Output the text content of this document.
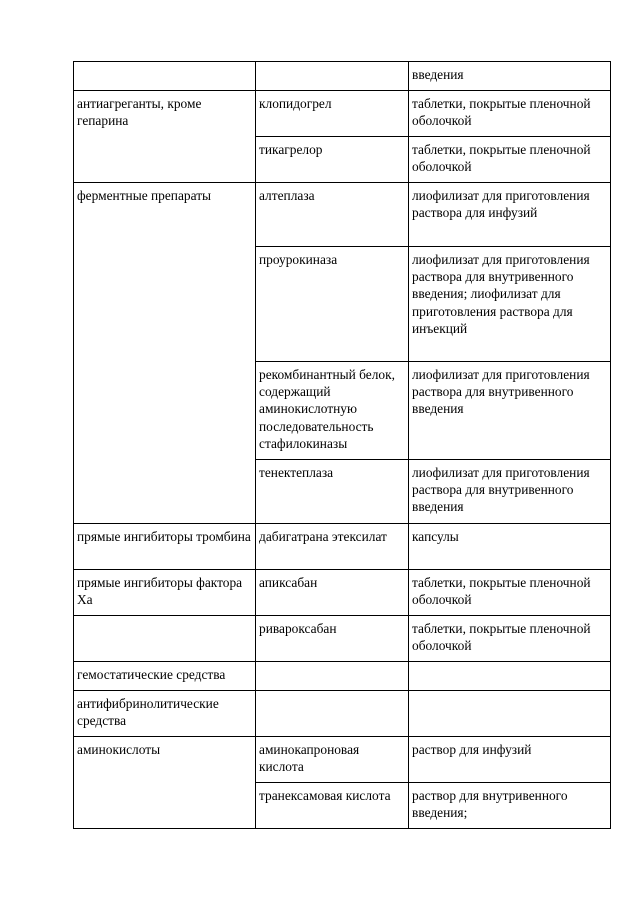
		введения
антиагреганты, кроме гепарина	клопидогрел	таблетки, покрытые пленочной оболочкой
	тикагрелор	таблетки, покрытые пленочной оболочкой
ферментные препараты	алтеплаза	лиофилизат для приготовления раствора для инфузий
	проурокиназа	лиофилизат для приготовления раствора для внутривенного введения; лиофилизат для приготовления раствора для инъекций
	рекомбинантный белок, содержащий аминокислотную последовательность стафилокиназы	лиофилизат для приготовления раствора для внутривенного введения
	тенектеплаза	лиофилизат для приготовления раствора для внутривенного введения
прямые ингибиторы тромбина	дабигатрана этексилат	капсулы
прямые ингибиторы фактора Xa	апиксабан	таблетки, покрытые пленочной оболочкой
	ривароксабан	таблетки, покрытые пленочной оболочкой
гемостатические средства		
антифибринолитические средства		
аминокислоты	аминокапроновая кислота	раствор для инфузий
	транексамовая кислота	раствор для внутривенного введения;
